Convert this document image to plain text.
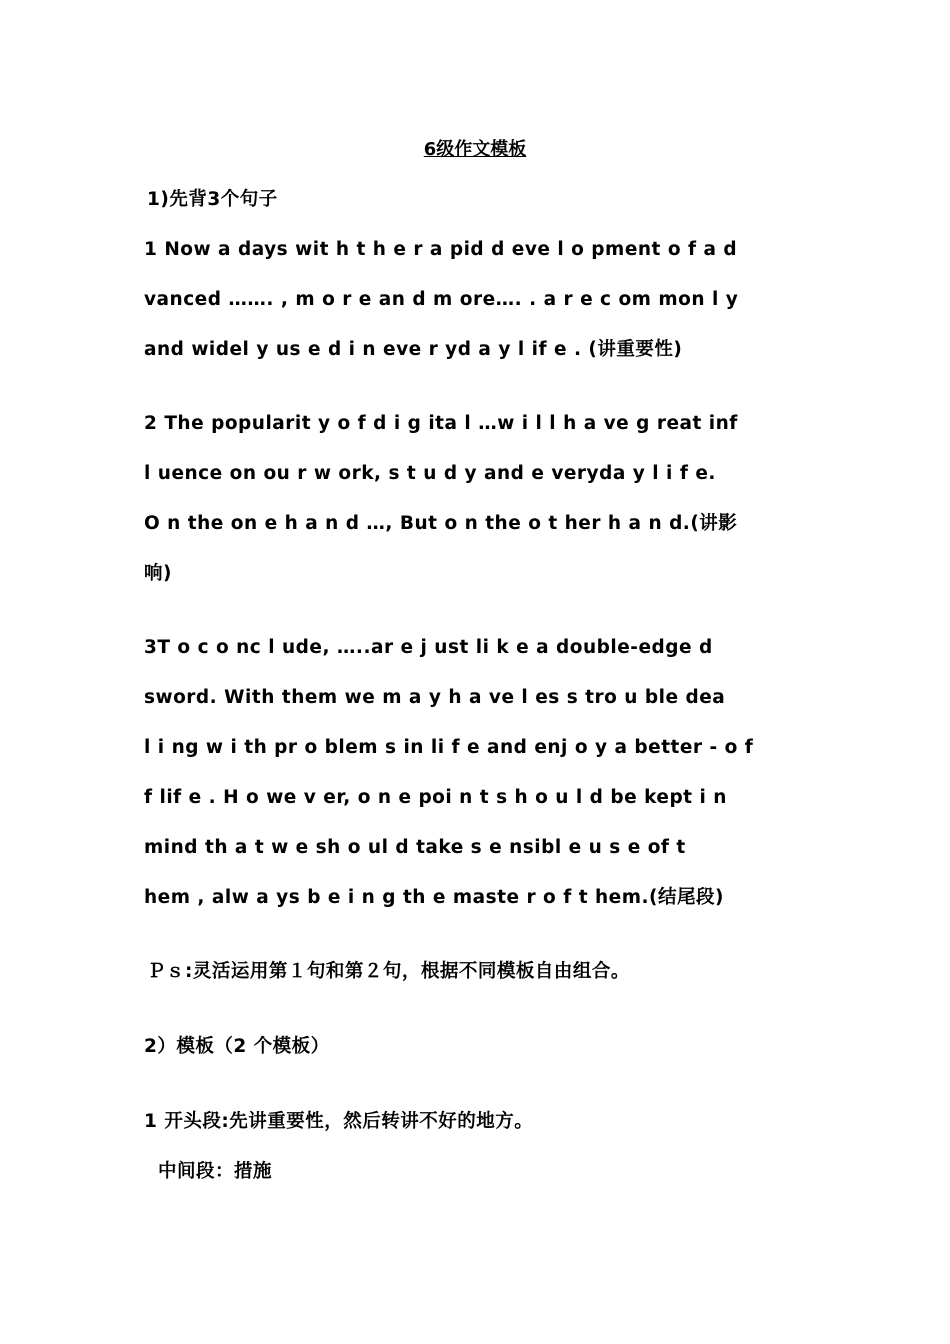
6级作文模板
1)先背3个句子
1 Now a days wit h t h e r a pid d eve l o pment o f a d
vanced ……. , m o r e an d m ore…. . a r e c om mon l y
and widel y us e d i n eve r yd a y l if e . (讲重要性)
2 The popularit y o f d i g ita l …w i l l h a ve g reat inf
l uence on ou r w ork, s t u d y and e veryda y l i f e.
O n the on e h a n d …, But o n the o t her h a n d.(讲影
响)
3T o c o nc l ude, …..ar e j ust li k e a double-edge d
sword. With them we m a y h a ve l es s tro u ble dea
l i ng w i th pr o blem s in li f e and enj o y a better - o f
f lif e . H o we v er, o n e poi n t s h o u l d be kept i n
mind th a t w e sh o ul d take s e nsibl e u s e of t
hem , alw a ys b e i n g th e maste r o f t hem.(结尾段)
Ｐｓ:灵活运用第１句和第２句，根据不同模板自由组合。
2）模板（2 个模板）
1 开头段:先讲重要性，然后转讲不好的地方。
中间段：措施
